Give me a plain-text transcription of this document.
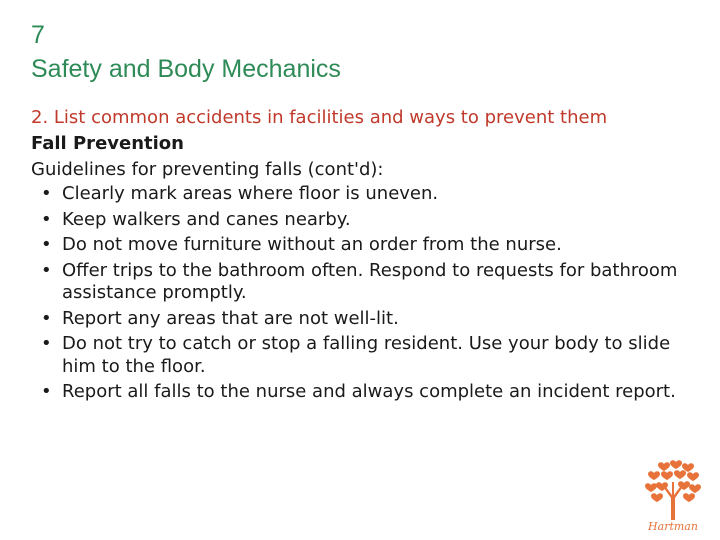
7
Safety and Body Mechanics
2. List common accidents in facilities and ways to prevent them
Fall Prevention
Guidelines for preventing falls (cont'd):
• Clearly mark areas where floor is uneven.
• Keep walkers and canes nearby.
• Do not move furniture without an order from the nurse.
• Offer trips to the bathroom often. Respond to requests for bathroom assistance promptly.
• Report any areas that are not well-lit.
• Do not try to catch or stop a falling resident. Use your body to slide him to the floor.
• Report all falls to the nurse and always complete an incident report.
Hartman
